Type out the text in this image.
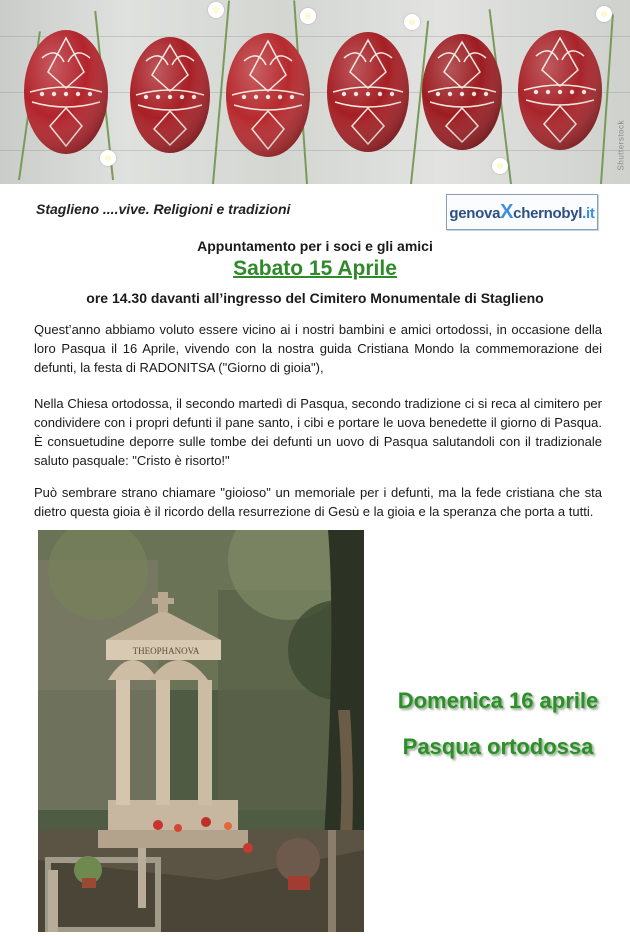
Shutterstock
Staglieno ....vive. Religioni e tradizioni	genovaXchernobyl.it
Appuntamento per i soci e gli amici
Sabato 15 Aprile
ore 14.30 davanti all’ingresso del Cimitero Monumentale di Staglieno

Quest’anno abbiamo voluto essere vicino ai i nostri bambini e amici ortodossi, in occasione della loro Pasqua il 16 Aprile, vivendo con la nostra guida Cristiana Mondo la commemorazione dei defunti, la festa di RADONITSA ("Giorno di gioia"),

Nella Chiesa ortodossa, il secondo martedì di Pasqua, secondo tradizione ci si reca al cimitero per condividere con i propri defunti il pane santo, i cibi e portare le uova benedette il giorno di Pasqua. È consuetudine deporre sulle tombe dei defunti un uovo di Pasqua salutandoli con il tradizionale saluto pasquale: "Cristo è risorto!"

Può sembrare strano chiamare "gioioso" un memoriale per i defunti, ma la fede cristiana che sta dietro questa gioia è il ricordo della resurrezione di Gesù e la gioia e la speranza che porta a tutti.

THEOPHANOVA
Domenica 16 aprile
Pasqua ortodossa
